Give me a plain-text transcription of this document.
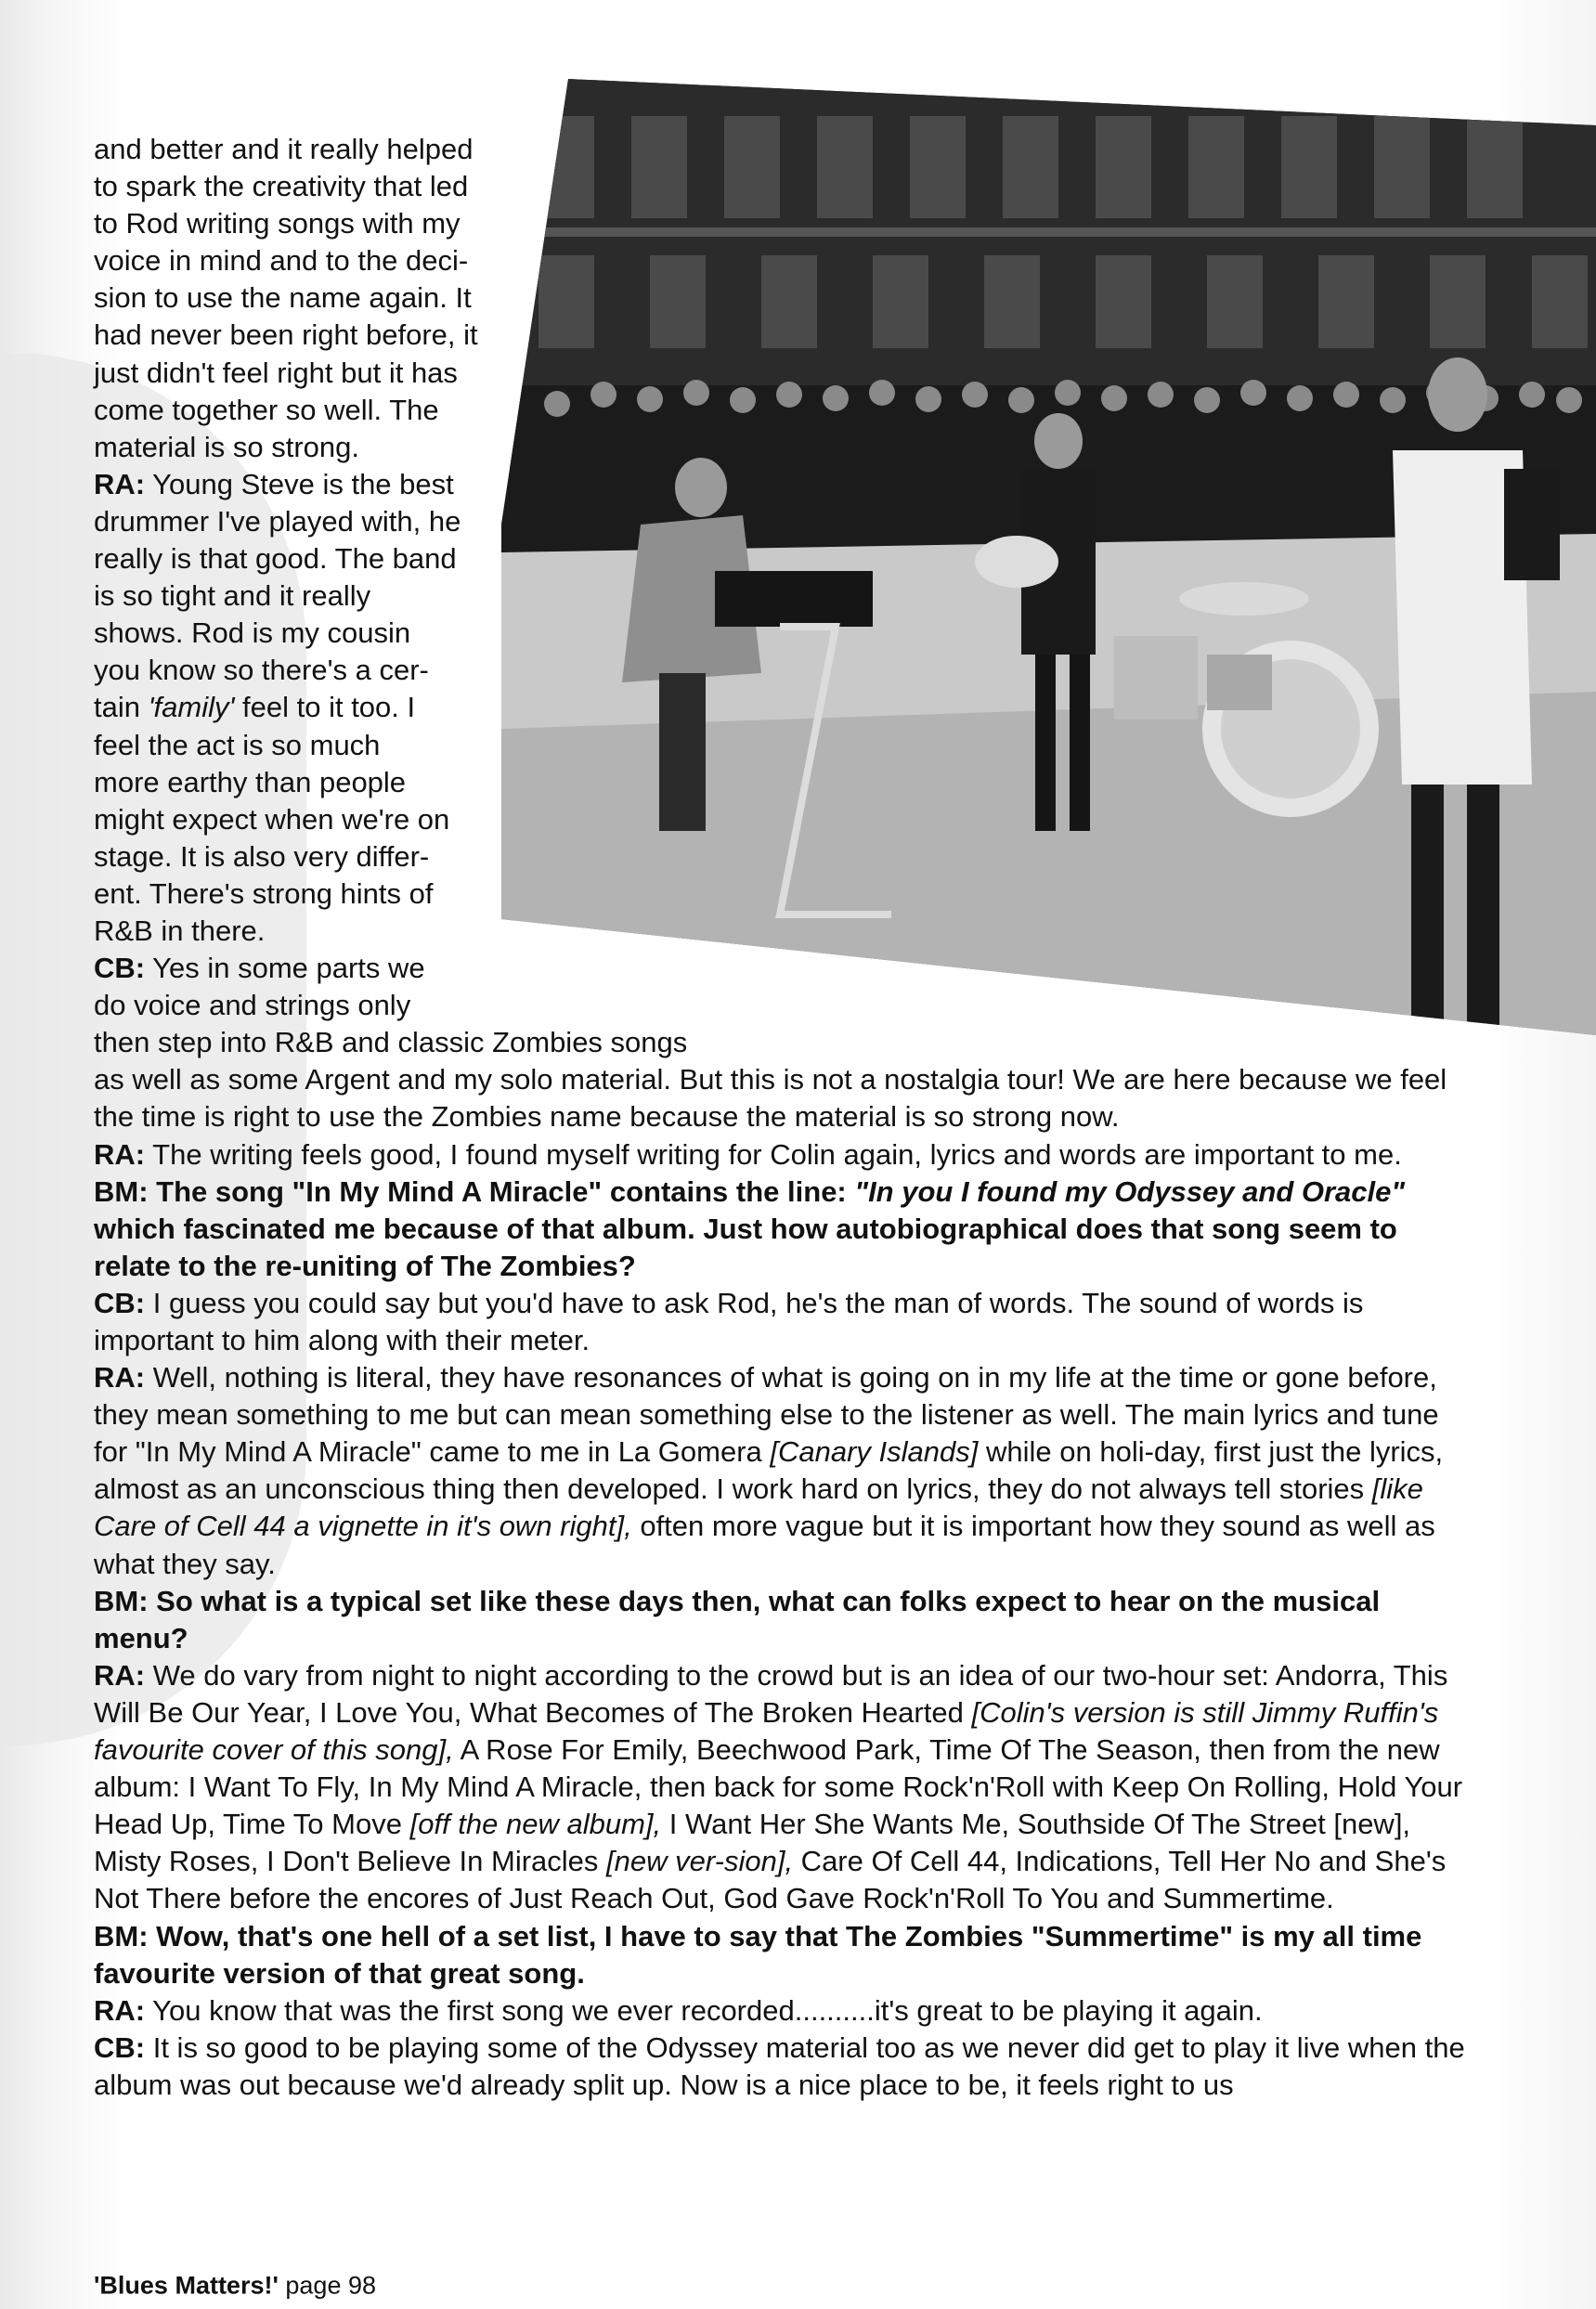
and better and it really helped
to spark the creativity that led
to Rod writing songs with my
voice in mind and to the deci-
sion to use the name again. It
had never been right before, it
just didn't feel right but it has
come together so well. The
material is so strong.

RA: Young Steve is the best
drummer I've played with, he
really is that good. The band
is so tight and it really
shows. Rod is my cousin
you know so there's a cer-
tain 'family' feel to it too. I
feel the act is so much
more earthy than people
might expect when we're on
stage. It is also very differ-
ent. There's strong hints of
R&B in there.

CB: Yes in some parts we
do voice and strings only
then step into R&B and classic Zombies songs
as well as some Argent and my solo material. But this is not a nostalgia tour! We are here because we feel the time is right to use the Zombies name because the material is so strong now.

RA: The writing feels good, I found myself writing for Colin again, lyrics and words are important to me.

BM: The song "In My Mind A Miracle" contains the line: "In you I found my Odyssey and Oracle" which fascinated me because of that album. Just how autobiographical does that song seem to relate to the re-uniting of The Zombies?

CB: I guess you could say but you'd have to ask Rod, he's the man of words. The sound of words is important to him along with their meter.

RA: Well, nothing is literal, they have resonances of what is going on in my life at the time or gone before, they mean something to me but can mean something else to the listener as well. The main lyrics and tune for "In My Mind A Miracle" came to me in La Gomera [Canary Islands] while on holi-day, first just the lyrics, almost as an unconscious thing then developed. I work hard on lyrics, they do not always tell stories [like Care of Cell 44 a vignette in it's own right], often more vague but it is important how they sound as well as what they say.

BM: So what is a typical set like these days then, what can folks expect to hear on the musical menu?

RA: We do vary from night to night according to the crowd but is an idea of our two-hour set: Andorra, This Will Be Our Year, I Love You, What Becomes of The Broken Hearted [Colin's version is still Jimmy Ruffin's favourite cover of this song], A Rose For Emily, Beechwood Park, Time Of The Season, then from the new album: I Want To Fly, In My Mind A Miracle, then back for some Rock'n'Roll with Keep On Rolling, Hold Your Head Up, Time To Move [off the new album], I Want Her She Wants Me, Southside Of The Street [new], Misty Roses, I Don't Believe In Miracles [new ver-sion], Care Of Cell 44, Indications, Tell Her No and She's Not There before the encores of Just Reach Out, God Gave Rock'n'Roll To You and Summertime.

BM: Wow, that's one hell of a set list, I have to say that The Zombies "Summertime" is my all time favourite version of that great song.

RA: You know that was the first song we ever recorded..........it's great to be playing it again.

CB: It is so good to be playing some of the Odyssey material too as we never did get to play it live when the album was out because we'd already split up. Now is a nice place to be, it feels right to us

'Blues Matters!' page 98
